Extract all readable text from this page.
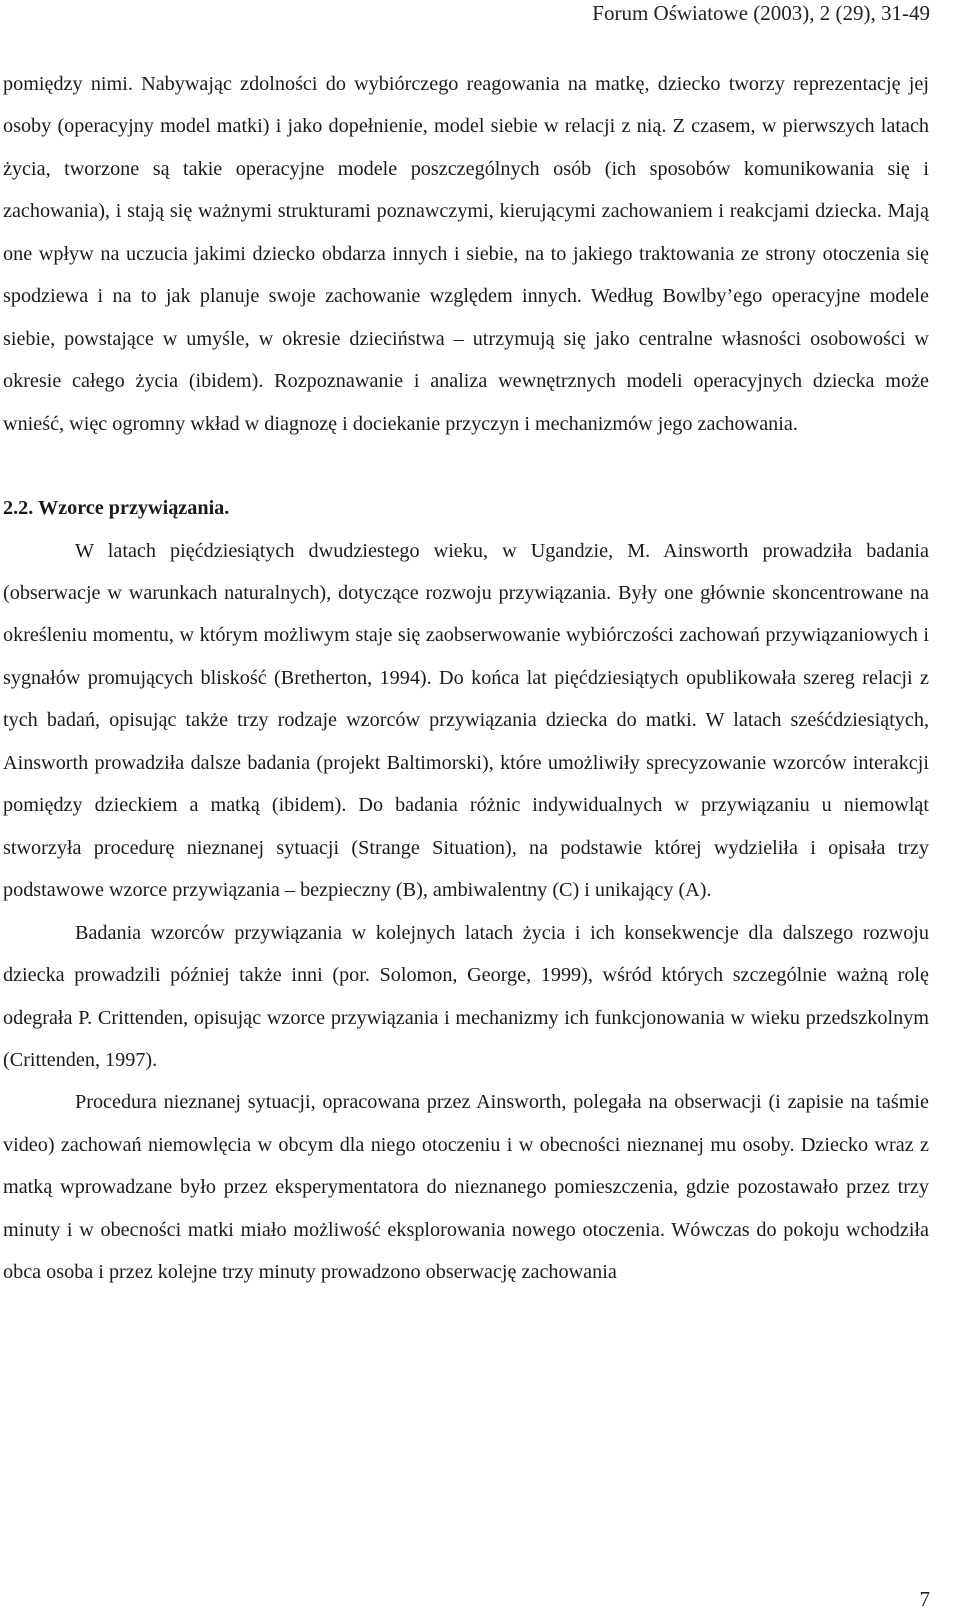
Forum Oświatowe (2003), 2 (29), 31-49

pomiędzy nimi. Nabywając zdolności do wybiórczego reagowania na matkę, dziecko tworzy reprezentację jej osoby (operacyjny model matki) i jako dopełnienie, model siebie w relacji z nią. Z czasem, w pierwszych latach życia, tworzone są takie operacyjne modele poszczególnych osób (ich sposobów komunikowania się i zachowania), i stają się ważnymi strukturami poznawczymi, kierującymi zachowaniem i reakcjami dziecka. Mają one wpływ na uczucia jakimi dziecko obdarza innych i siebie, na to jakiego traktowania ze strony otoczenia się spodziewa i na to jak planuje swoje zachowanie względem innych. Według Bowlby’ego operacyjne modele siebie, powstające w umyśle, w okresie dzieciństwa – utrzymują się jako centralne własności osobowości w okresie całego życia (ibidem). Rozpoznawanie i analiza wewnętrznych modeli operacyjnych dziecka może wnieść, więc ogromny wkład w diagnozę i dociekanie przyczyn i mechanizmów jego zachowania.

2.2. Wzorce przywiązania.

W latach pięćdziesiątych dwudziestego wieku, w Ugandzie, M. Ainsworth prowadziła badania (obserwacje w warunkach naturalnych), dotyczące rozwoju przywiązania. Były one głównie skoncentrowane na określeniu momentu, w którym możliwym staje się zaobserwowanie wybiórczości zachowań przywiązaniowych i sygnałów promujących bliskość (Bretherton, 1994). Do końca lat pięćdziesiątych opublikowała szereg relacji z tych badań, opisując także trzy rodzaje wzorców przywiązania dziecka do matki. W latach sześćdziesiątych, Ainsworth prowadziła dalsze badania (projekt Baltimorski), które umożliwiły sprecyzowanie wzorców interakcji pomiędzy dzieckiem a matką (ibidem). Do badania różnic indywidualnych w przywiązaniu u niemowląt stworzyła procedurę nieznanej sytuacji (Strange Situation), na podstawie której wydzieliła i opisała trzy podstawowe wzorce przywiązania – bezpieczny (B), ambiwalentny (C) i unikający (A).

Badania wzorców przywiązania w kolejnych latach życia i ich konsekwencje dla dalszego rozwoju dziecka prowadzili później także inni (por. Solomon, George, 1999), wśród których szczególnie ważną rolę odegrała P. Crittenden, opisując wzorce przywiązania i mechanizmy ich funkcjonowania w wieku przedszkolnym (Crittenden, 1997).

Procedura nieznanej sytuacji, opracowana przez Ainsworth, polegała na obserwacji (i zapisie na taśmie video) zachowań niemowlęcia w obcym dla niego otoczeniu i w obecności nieznanej mu osoby. Dziecko wraz z matką wprowadzane było przez eksperymentatora do nieznanego pomieszczenia, gdzie pozostawało przez trzy minuty i w obecności matki miało możliwość eksplorowania nowego otoczenia. Wówczas do pokoju wchodziła obca osoba i przez kolejne trzy minuty prowadzono obserwację zachowania

7
